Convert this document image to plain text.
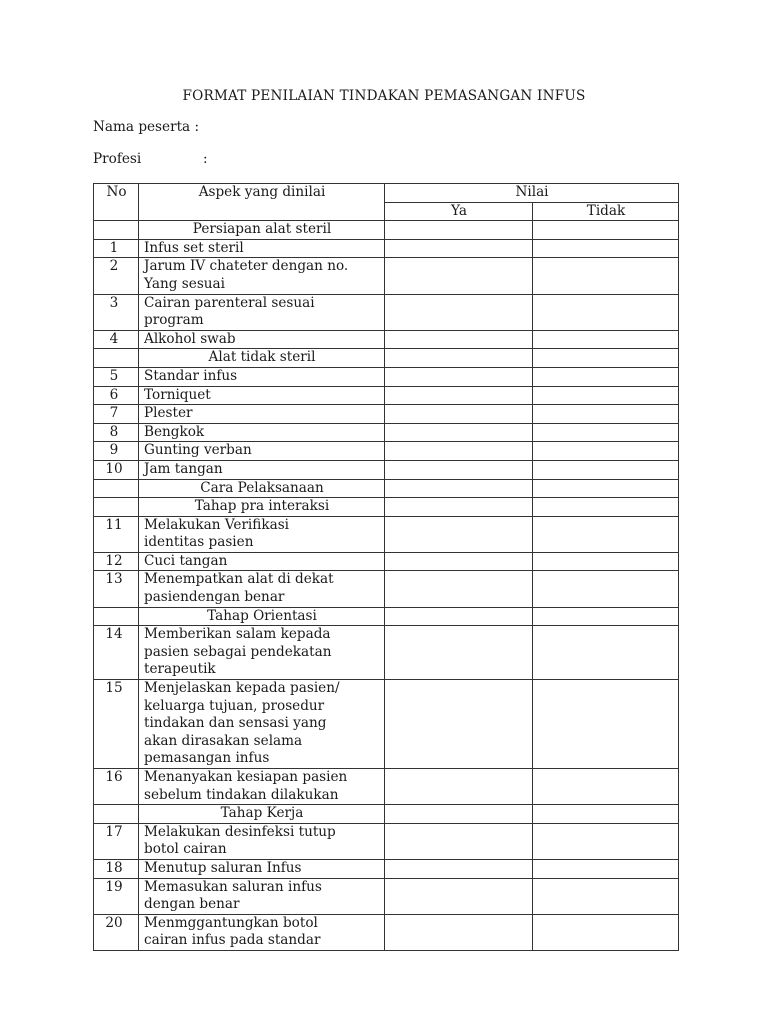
FORMAT PENILAIAN TINDAKAN PEMASANGAN INFUS
Nama peserta :
Profesi	:
No	Aspek yang dinilai	Nilai	
		Ya	Tidak
	Persiapan alat steril		
1	Infus set steril		
2	Jarum IV chateter dengan no.
Yang sesuai		
3	Cairan parenteral sesuai
program		
4	Alkohol swab		
	Alat tidak steril		
5	Standar infus		
6	Torniquet		
7	Plester		
8	Bengkok		
9	Gunting verban		
10	Jam tangan		
	Cara Pelaksanaan		
	Tahap pra interaksi		
11	Melakukan Verifikasi
identitas pasien		
12	Cuci tangan		
13	Menempatkan alat di dekat
pasiendengan benar		
	Tahap Orientasi		
14	Memberikan salam kepada
pasien sebagai pendekatan
terapeutik		
15	Menjelaskan kepada pasien/
keluarga tujuan, prosedur
tindakan dan sensasi yang
akan dirasakan selama
pemasangan infus		
16	Menanyakan kesiapan pasien
sebelum tindakan dilakukan		
	Tahap Kerja		
17	Melakukan desinfeksi tutup
botol cairan		
18	Menutup saluran Infus		
19	Memasukan saluran infus
dengan benar		
20	Menmggantungkan botol
cairan infus pada standar		
